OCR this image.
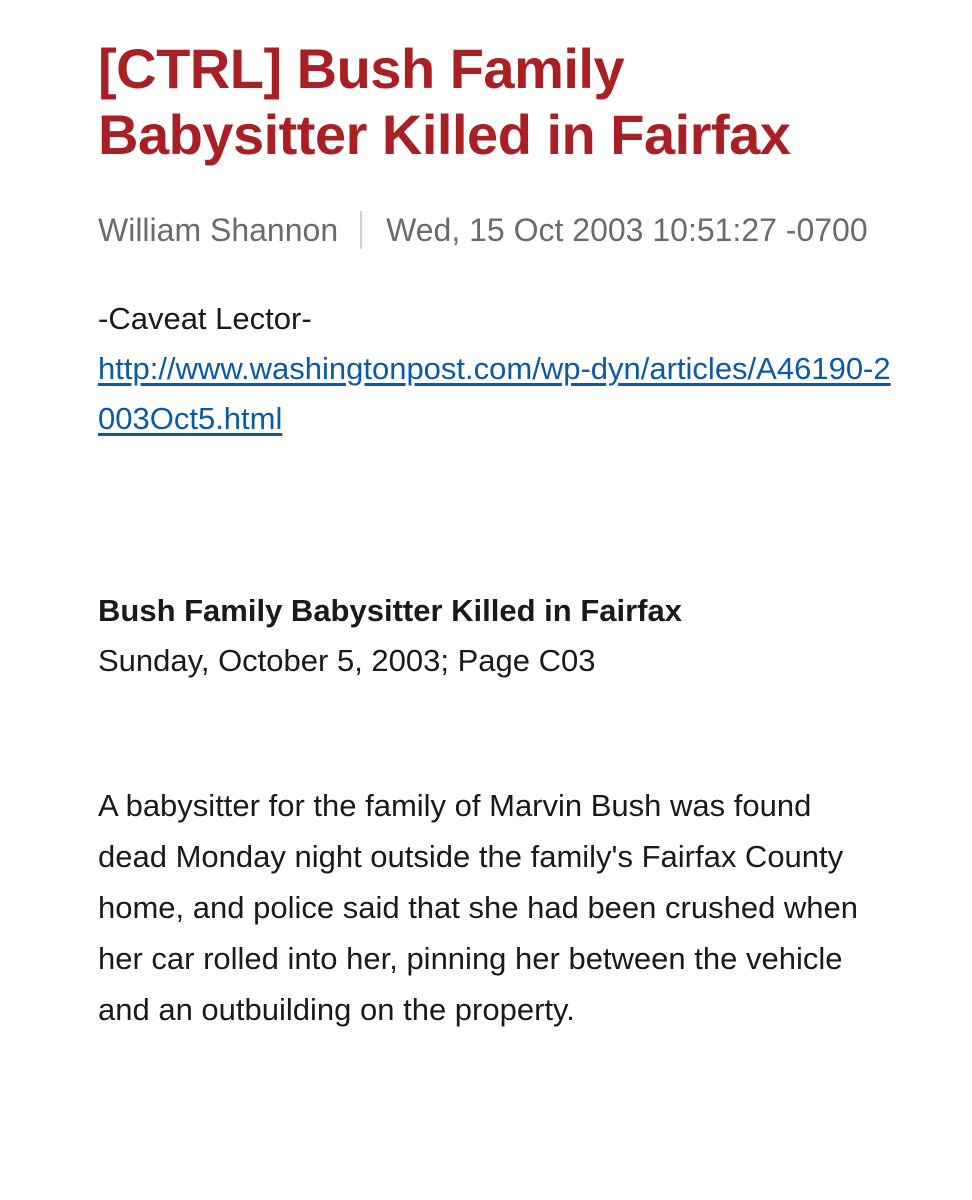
[CTRL] Bush Family Babysitter Killed in Fairfax
William Shannon Wed, 15 Oct 2003 10:51:27 -0700
-Caveat Lector-
http://www.washingtonpost.com/wp-dyn/articles/A46190-2003Oct5.html
Bush Family Babysitter Killed in Fairfax
Sunday, October 5, 2003; Page C03
A babysitter for the family of Marvin Bush was found dead Monday night outside the family's Fairfax County home, and police said that she had been crushed when her car rolled into her, pinning her between the vehicle and an outbuilding on the property.
